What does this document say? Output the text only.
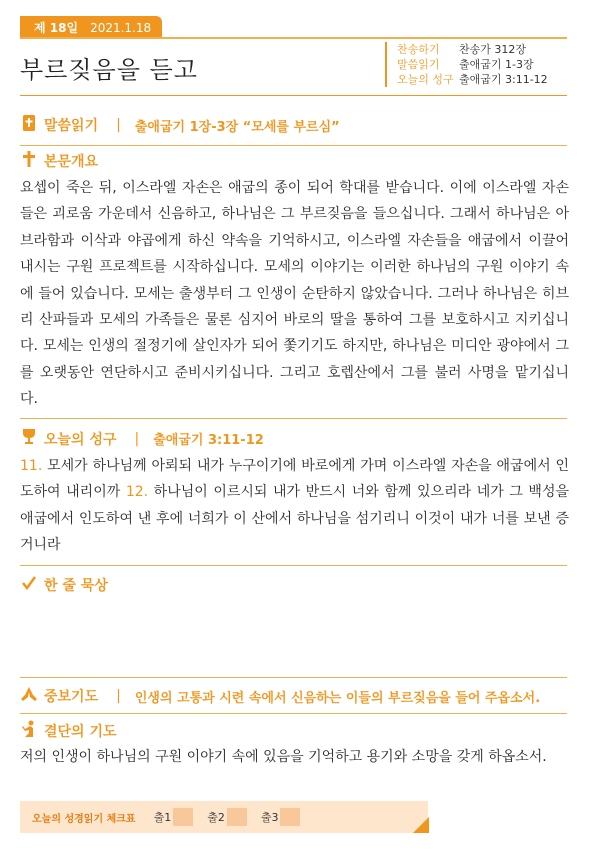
제 18일 2021.1.18
부르짖음을 듣고
찬송하기	찬송가 312장
말씀읽기	출애굽기 1-3장
오늘의 성구 출애굽기 3:11-12
말씀읽기 | 출애굽기 1장-3장 “모세를 부르심”
본문개요
요셉이 죽은 뒤, 이스라엘 자손은 애굽의 종이 되어 학대를 받습니다. 이에 이스라엘 자손들은 괴로움 가운데서 신음하고, 하나님은 그 부르짖음을 들으십니다. 그래서 하나님은 아브라함과 이삭과 야곱에게 하신 약속을 기억하시고, 이스라엘 자손들을 애굽에서 이끌어 내시는 구원 프로젝트를 시작하십니다. 모세의 이야기는 이러한 하나님의 구원 이야기 속에 들어 있습니다. 모세는 출생부터 그 인생이 순탄하지 않았습니다. 그러나 하나님은 히브리 산파들과 모세의 가족들은 물론 심지어 바로의 딸을 통하여 그를 보호하시고 지키십니다. 모세는 인생의 절정기에 살인자가 되어 쫓기기도 하지만, 하나님은 미디안 광야에서 그를 오랫동안 연단하시고 준비시키십니다. 그리고 호렙산에서 그를 불러 사명을 맡기십니다.
오늘의 성구 | 출애굽기 3:11-12
11. 모세가 하나님께 아뢰되 내가 누구이기에 바로에게 가며 이스라엘 자손을 애굽에서 인도하여 내리이까 12. 하나님이 이르시되 내가 반드시 너와 함께 있으리라 네가 그 백성을 애굽에서 인도하여 낸 후에 너희가 이 산에서 하나님을 섬기리니 이것이 내가 너를 보낸 증거니라
한 줄 묵상
중보기도 | 인생의 고통과 시련 속에서 신음하는 이들의 부르짖음을 들어 주옵소서.
결단의 기도
저의 인생이 하나님의 구원 이야기 속에 있음을 기억하고 용기와 소망을 갖게 하옵소서.
오늘의 성경읽기 체크표 출1	출2	출3
